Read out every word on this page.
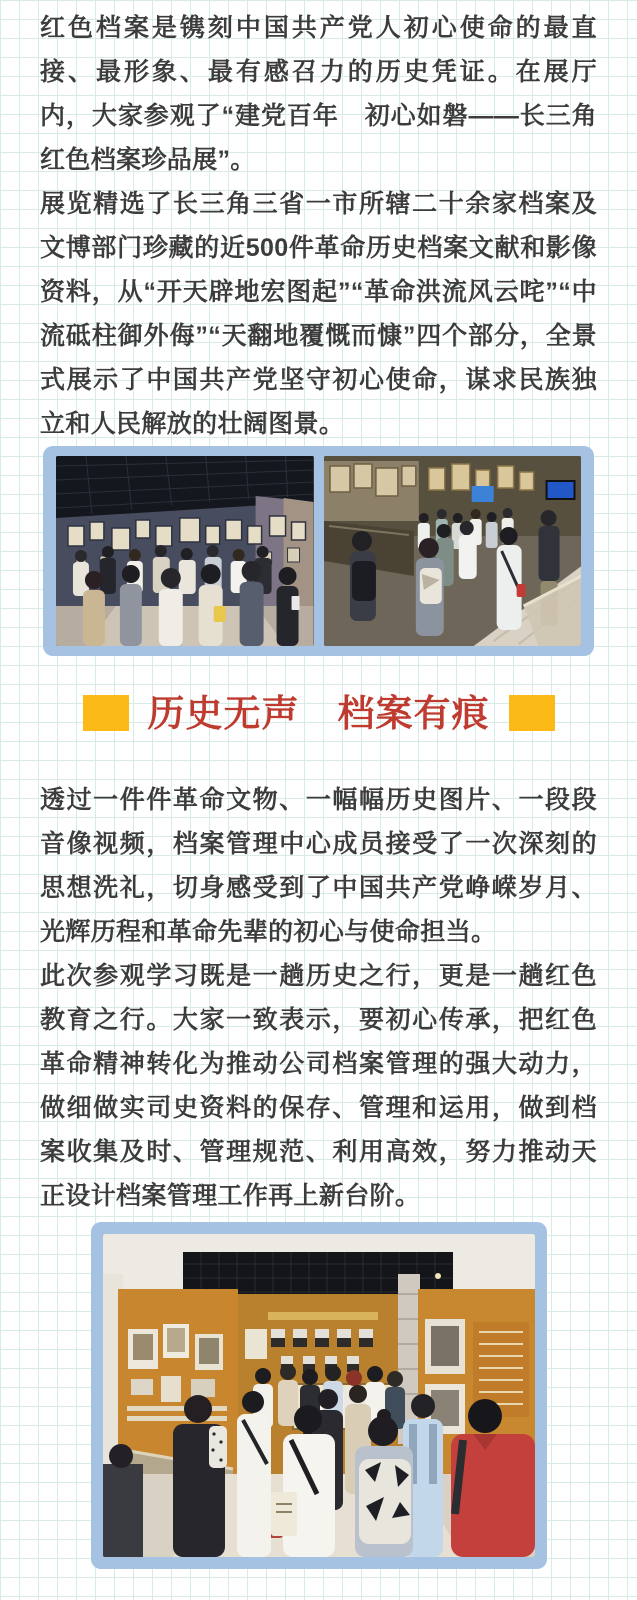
红色档案是镌刻中国共产党人初心使命的最直接、最形象、最有感召力的历史凭证。在展厅内，大家参观了“建党百年　初心如磐——长三角红色档案珍品展”。

展览精选了长三角三省一市所辖二十余家档案及文博部门珍藏的近500件革命历史档案文献和影像资料，从“开天辟地宏图起”“革命洪流风云咤”“中流砥柱御外侮”“天翻地覆慨而慷”四个部分，全景式展示了中国共产党坚守初心使命，谋求民族独立和人民解放的壮阔图景。

历史无声　档案有痕

透过一件件革命文物、一幅幅历史图片、一段段音像视频，档案管理中心成员接受了一次深刻的思想洗礼，切身感受到了中国共产党峥嵘岁月、光辉历程和革命先辈的初心与使命担当。

此次参观学习既是一趟历史之行，更是一趟红色教育之行。大家一致表示，要初心传承，把红色革命精神转化为推动公司档案管理的强大动力，做细做实司史资料的保存、管理和运用，做到档案收集及时、管理规范、利用高效，努力推动天正设计档案管理工作再上新台阶。
